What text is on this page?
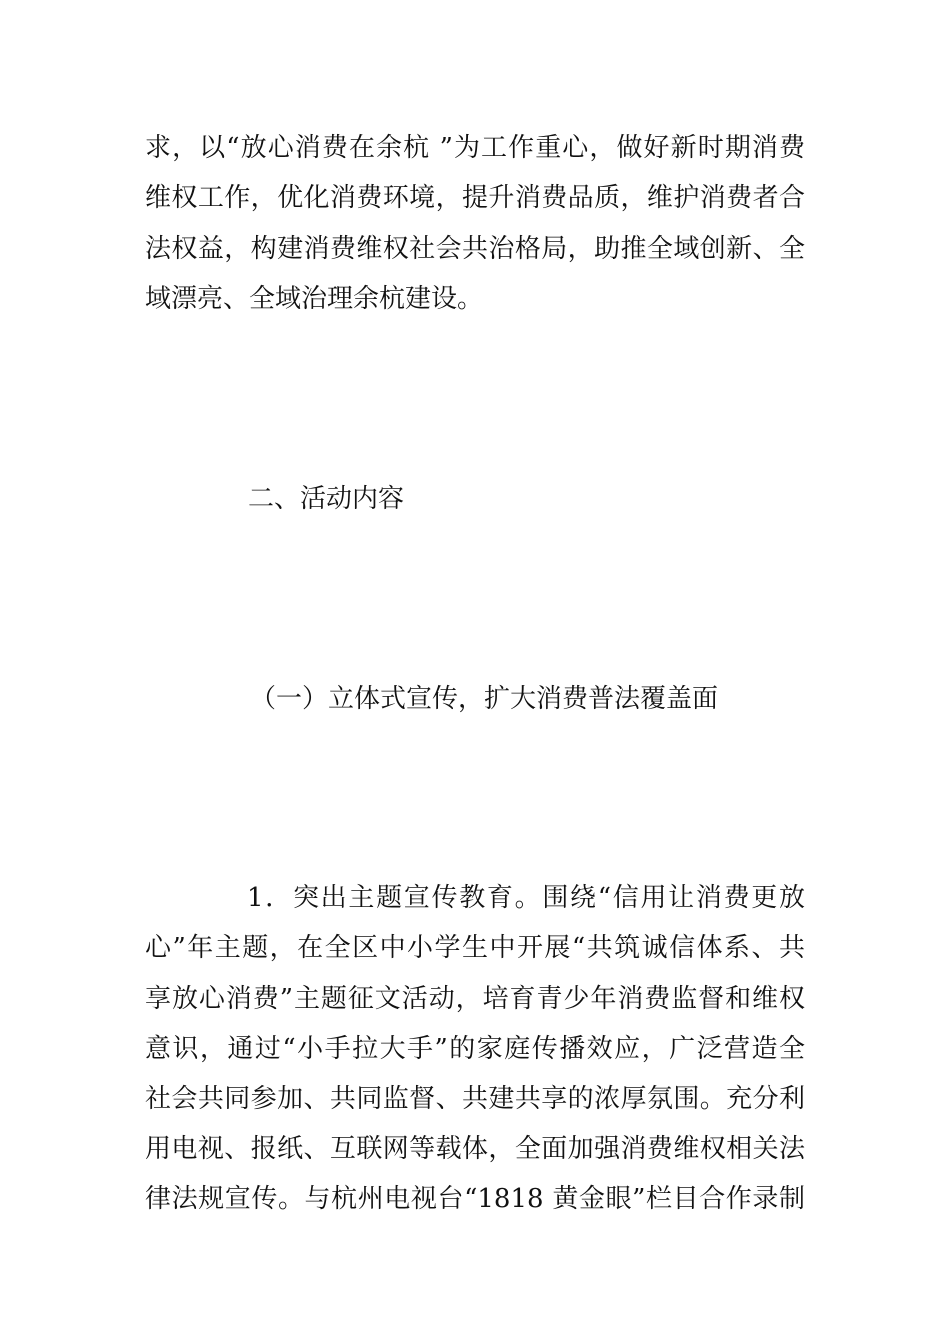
求，以“放心消费在余杭 ”为工作重心，做好新时期消费
维权工作，优化消费环境，提升消费品质，维护消费者合
法权益，构建消费维权社会共治格局，助推全域创新、全
域漂亮、全域治理余杭建设。
二、活动内容
（一）立体式宣传，扩大消费普法覆盖面
1．突出主题宣传教育。围绕“信用让消费更放
心”年主题，在全区中小学生中开展“共筑诚信体系、共
享放心消费”主题征文活动，培育青少年消费监督和维权
意识，通过“小手拉大手”的家庭传播效应，广泛营造全
社会共同参加、共同监督、共建共享的浓厚氛围。充分利
用电视、报纸、互联网等载体，全面加强消费维权相关法
律法规宣传。与杭州电视台“1818 黄金眼”栏目合作录制
